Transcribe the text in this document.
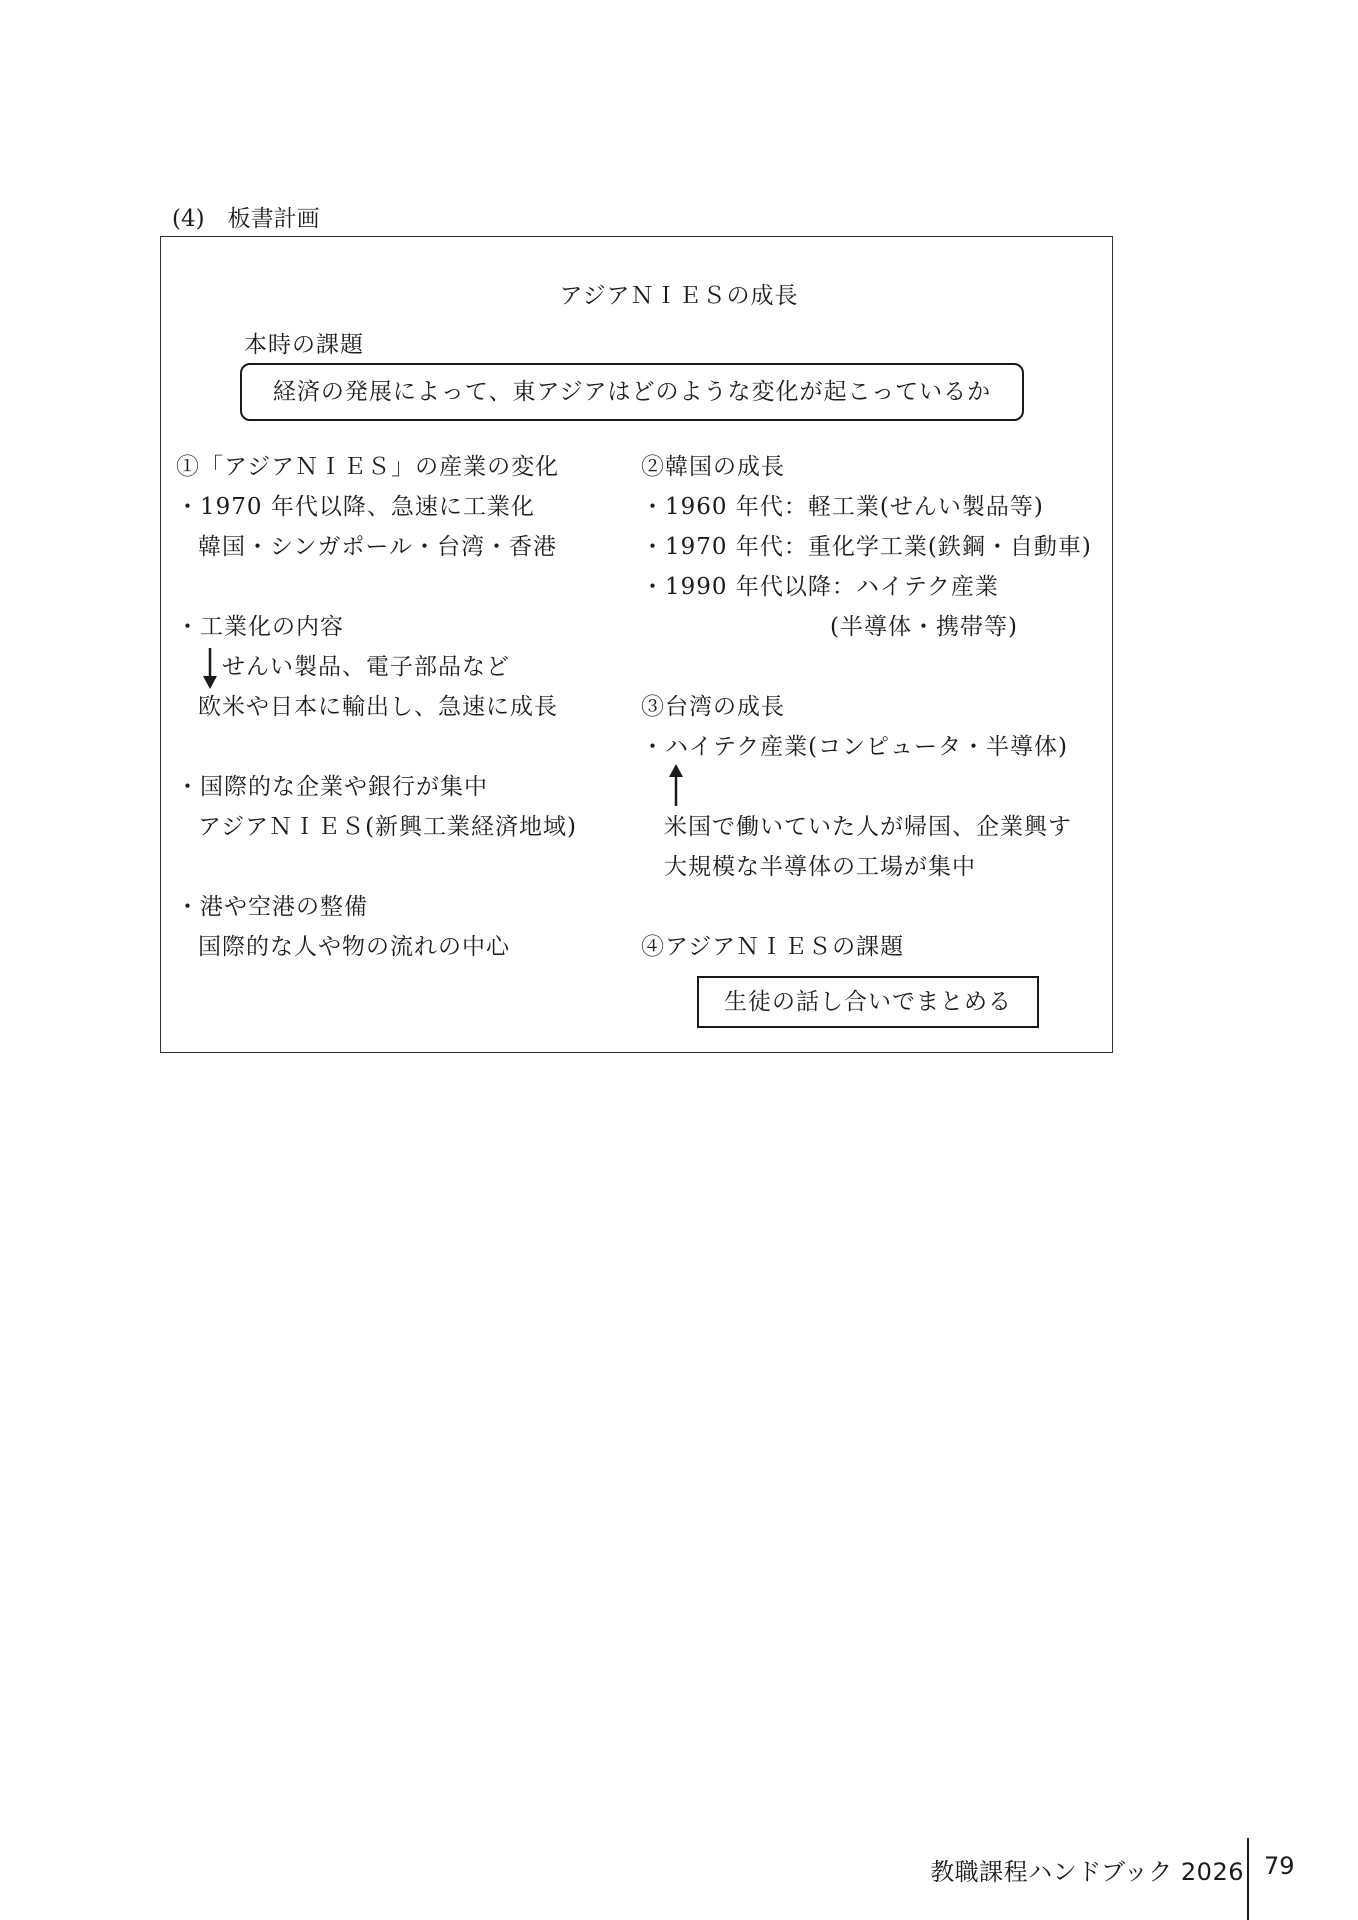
(4)　板書計画
アジアＮＩＥＳの成長
本時の課題
経済の発展によって、東アジアはどのような変化が起こっているか
①「アジアＮＩＥＳ」の産業の変化
・1970 年代以降、急速に工業化
韓国・シンガポール・台湾・香港
・工業化の内容
せんい製品、電子部品など
欧米や日本に輸出し、急速に成長
・国際的な企業や銀行が集中
アジアＮＩＥＳ(新興工業経済地域)
・港や空港の整備
国際的な人や物の流れの中心
②韓国の成長
・1960 年代：軽工業(せんい製品等)
・1970 年代：重化学工業(鉄鋼・自動車)
・1990 年代以降：ハイテク産業
(半導体・携帯等)
③台湾の成長
・ハイテク産業(コンピュータ・半導体)
米国で働いていた人が帰国、企業興す
大規模な半導体の工場が集中
④アジアＮＩＥＳの課題
生徒の話し合いでまとめる
教職課程ハンドブック 2026 79
